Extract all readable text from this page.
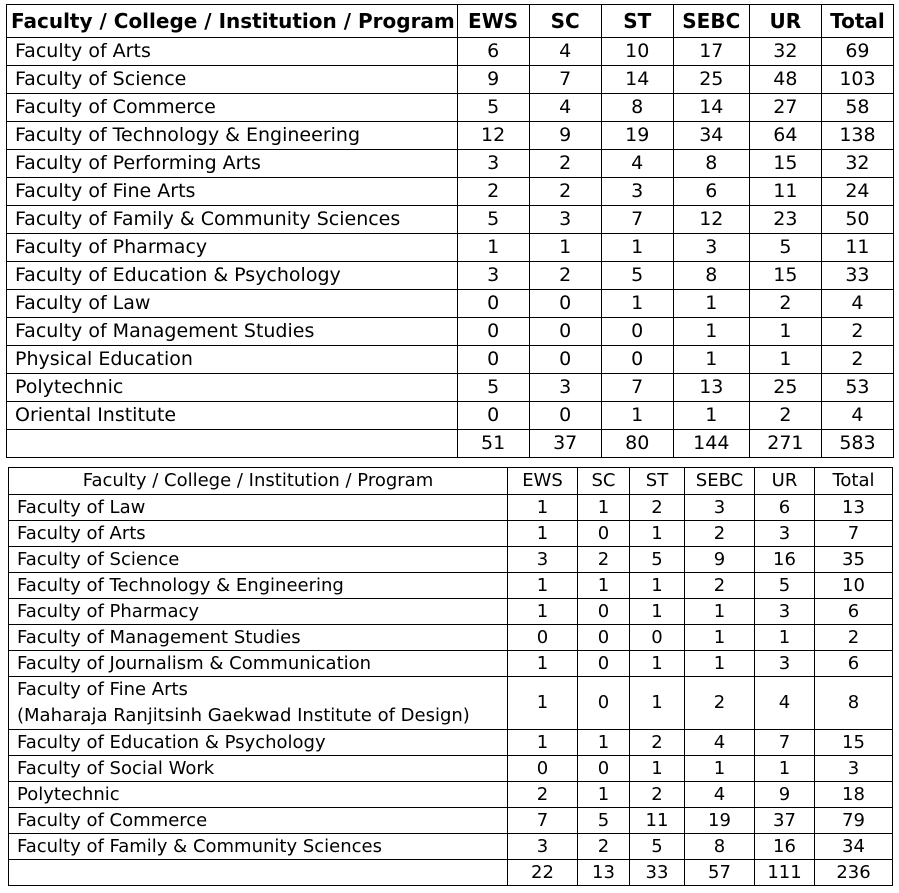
Faculty / College / Institution / Program	EWS	SC	ST	SEBC	UR	Total
Faculty of Arts	6	4	10	17	32	69
Faculty of Science	9	7	14	25	48	103
Faculty of Commerce	5	4	8	14	27	58
Faculty of Technology & Engineering	12	9	19	34	64	138
Faculty of Performing Arts	3	2	4	8	15	32
Faculty of Fine Arts	2	2	3	6	11	24
Faculty of Family & Community Sciences	5	3	7	12	23	50
Faculty of Pharmacy	1	1	1	3	5	11
Faculty of Education & Psychology	3	2	5	8	15	33
Faculty of Law	0	0	1	1	2	4
Faculty of Management Studies	0	0	0	1	1	2
Physical Education	0	0	0	1	1	2
Polytechnic	5	3	7	13	25	53
Oriental Institute	0	0	1	1	2	4
	51	37	80	144	271	583
Faculty / College / Institution / Program	EWS	SC	ST	SEBC	UR	Total
Faculty of Law	1	1	2	3	6	13
Faculty of Arts	1	0	1	2	3	7
Faculty of Science	3	2	5	9	16	35
Faculty of Technology & Engineering	1	1	1	2	5	10
Faculty of Pharmacy	1	0	1	1	3	6
Faculty of Management Studies	0	0	0	1	1	2
Faculty of Journalism & Communication	1	0	1	1	3	6

Faculty of Fine Arts
(Maharaja Ranjitsinh Gaekwad Institute of Design)	1	0	1	2	4	8
Faculty of Education & Psychology	1	1	2	4	7	15
Faculty of Social Work	0	0	1	1	1	3
Polytechnic	2	1	2	4	9	18
Faculty of Commerce	7	5	11	19	37	79
Faculty of Family & Community Sciences	3	2	5	8	16	34
	22	13	33	57	111	236
